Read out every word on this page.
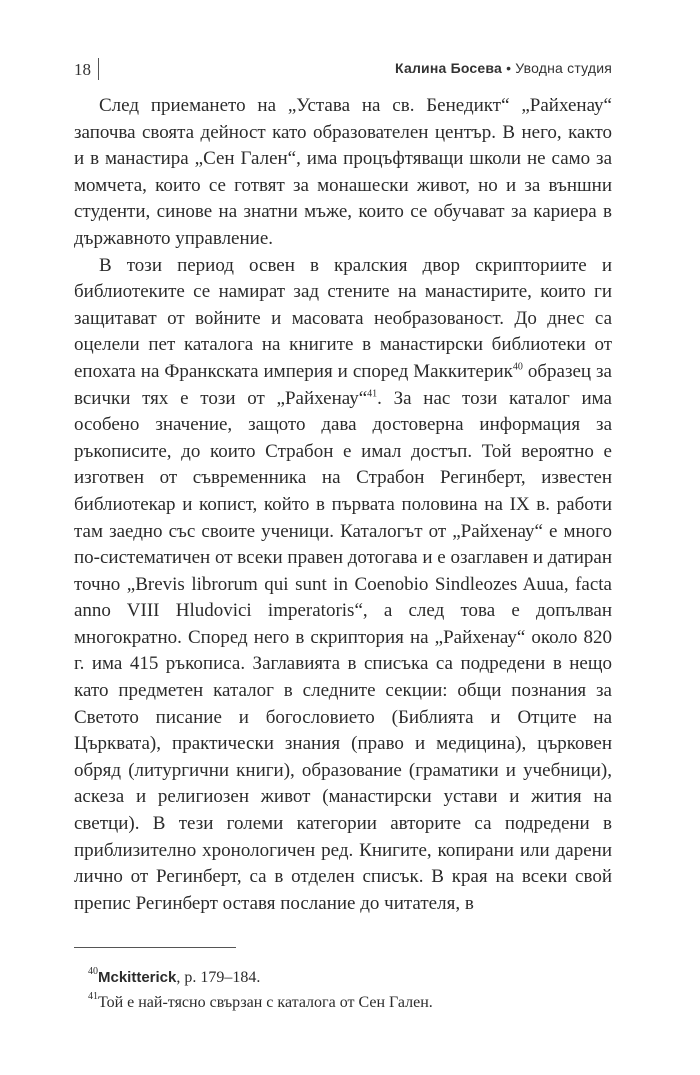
18	Калина Босева • Уводна студия

След приемането на „Устава на св. Бенедикт“ „Райхенау“ започва своята дейност като образователен център. В него, както и в манастира „Сен Гален“, има процъфтяващи школи не само за момчета, които се готвят за монашески живот, но и за външни студенти, синове на знатни мъже, които се обучават за кариера в държавното управление.

В този период освен в кралския двор скрипториите и библиотеките се намират зад стените на манастирите, които ги защитават от войните и масовата необразованост. До днес са оцелели пет каталога на книгите в манастирски библиотеки от епохата на Франкската империя и според Маккитерик$^{40}$ образец за всички тях е този от „Райхенау“$^{41}$. За нас този каталог има особено значение, защото дава достоверна информация за ръкописите, до които Страбон е имал достъп. Той вероятно е изготвен от съвременника на Страбон Регинберт, известен библиотекар и копист, който в първата половина на IX в. работи там заедно със своите ученици. Каталогът от „Райхенау“ е много по-систематичен от всеки правен дотогава и е озаглавен и датиран точно „Brevis librorum qui sunt in Coenobio Sindleozes Auua, facta anno VIII Hludovici imperatoris“, а след това е допълван многократно. Според него в скриптория на „Райхенау“ около 820 г. има 415 ръкописа. Заглавията в списъка са подредени в нещо като предметен каталог в следните секции: общи познания за Светото писание и богословието (Библията и Отците на Църквата), практически знания (право и медицина), църковен обряд (литургични книги), образование (граматики и учебници), аскеза и религиозен живот (манастирски устави и жития на светци). В тези големи категории авторите са подредени в приблизително хронологичен ред. Книгите, копирани или дарени лично от Регинберт, са в отделен списък. В края на всеки свой препис Регинберт оставя послание до читателя, в

40 Mckitterick, p. 179–184.

41 Той е най-тясно свързан с каталога от Сен Гален.
